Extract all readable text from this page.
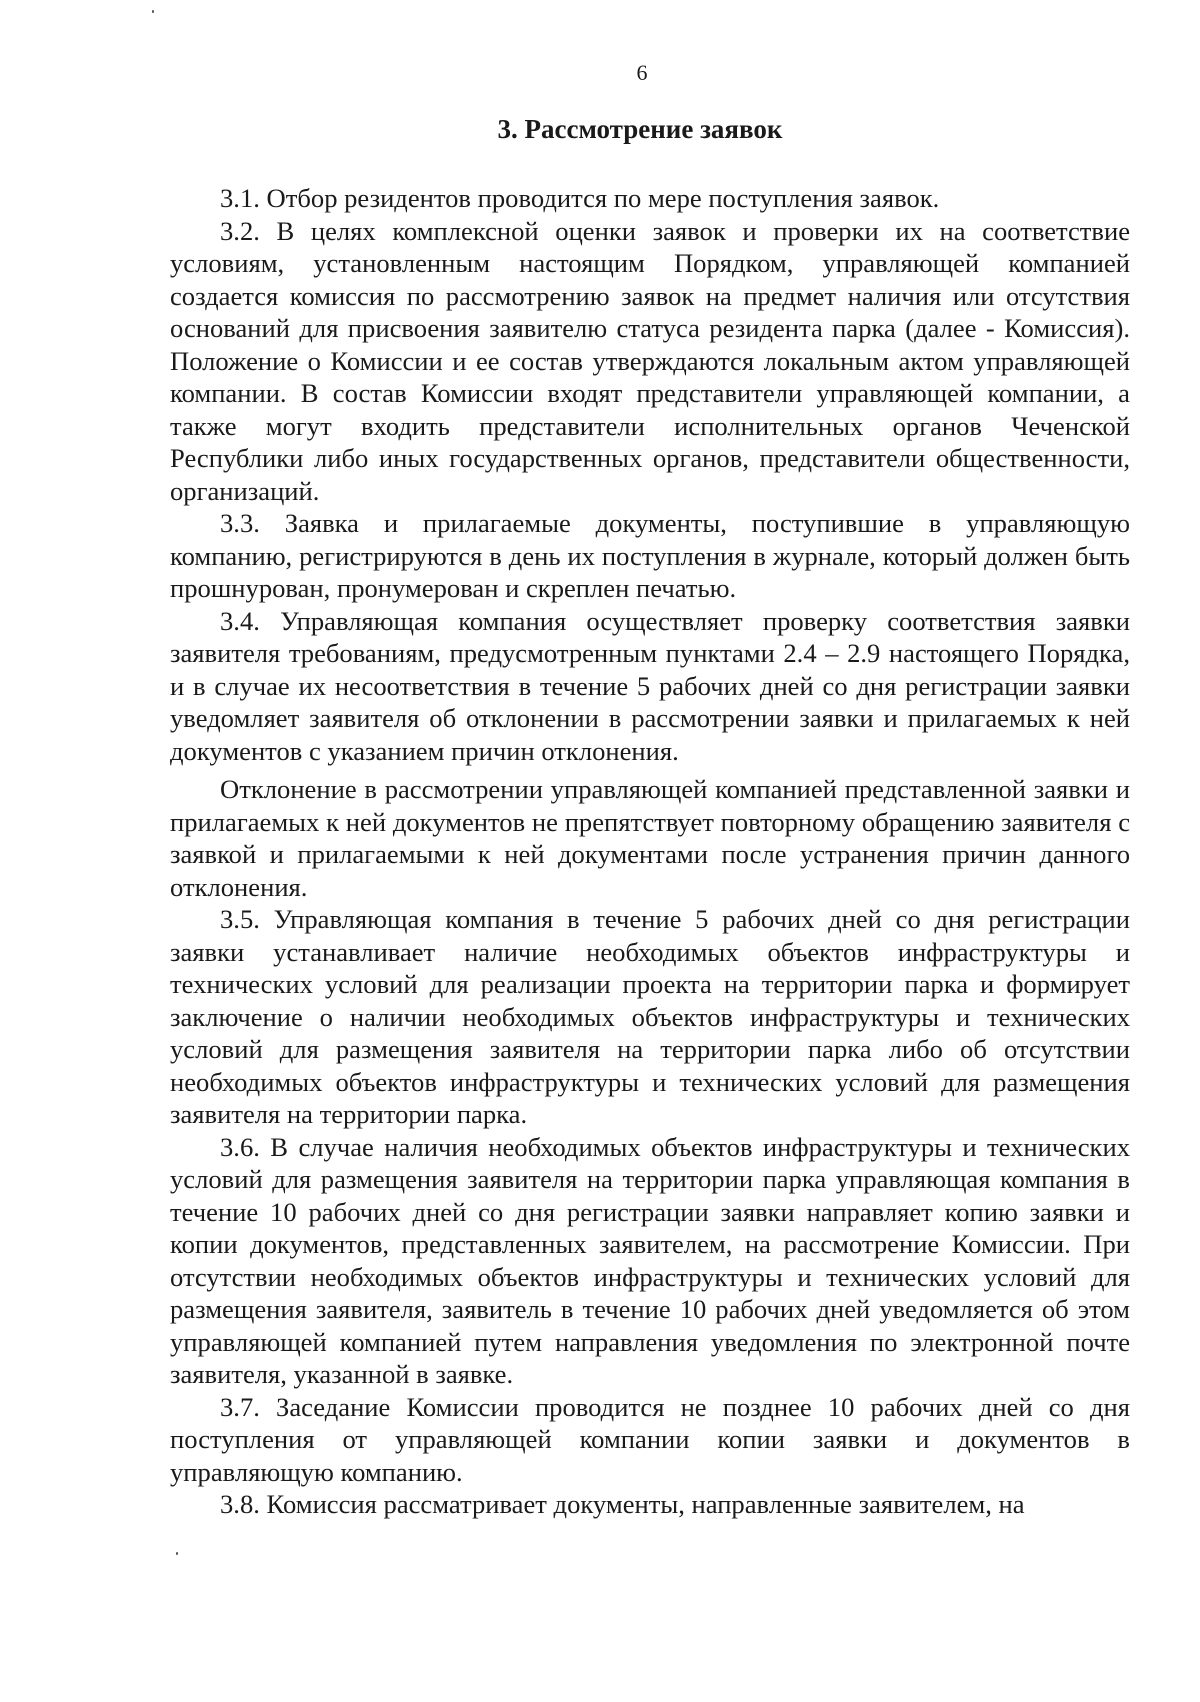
6
3. Рассмотрение заявок

3.1. Отбор резидентов проводится по мере поступления заявок.

3.2. В целях комплексной оценки заявок и проверки их на соответствие условиям, установленным настоящим Порядком, управляющей компанией создается комиссия по рассмотрению заявок на предмет наличия или отсутствия оснований для присвоения заявителю статуса резидента парка (далее - Комиссия). Положение о Комиссии и ее состав утверждаются локальным актом управляющей компании. В состав Комиссии входят представители управляющей компании, а также могут входить представители исполнительных органов Чеченской Республики либо иных государственных органов, представители общественности, организаций.

3.3. Заявка и прилагаемые документы, поступившие в управляющую компанию, регистрируются в день их поступления в журнале, который должен быть прошнурован, пронумерован и скреплен печатью.

3.4. Управляющая компания осуществляет проверку соответствия заявки заявителя требованиям, предусмотренным пунктами 2.4 – 2.9 настоящего Порядка, и в случае их несоответствия в течение 5 рабочих дней со дня регистрации заявки уведомляет заявителя об отклонении в рассмотрении заявки и прилагаемых к ней документов с указанием причин отклонения.

Отклонение в рассмотрении управляющей компанией представленной заявки и прилагаемых к ней документов не препятствует повторному обращению заявителя с заявкой и прилагаемыми к ней документами после устранения причин данного отклонения.

3.5. Управляющая компания в течение 5 рабочих дней со дня регистрации заявки устанавливает наличие необходимых объектов инфраструктуры и технических условий для реализации проекта на территории парка и формирует заключение о наличии необходимых объектов инфраструктуры и технических условий для размещения заявителя на территории парка либо об отсутствии необходимых объектов инфраструктуры и технических условий для размещения заявителя на территории парка.

3.6. В случае наличия необходимых объектов инфраструктуры и технических условий для размещения заявителя на территории парка управляющая компания в течение 10 рабочих дней со дня регистрации заявки направляет копию заявки и копии документов, представленных заявителем, на рассмотрение Комиссии. При отсутствии необходимых объектов инфраструктуры и технических условий для размещения заявителя, заявитель в течение 10 рабочих дней уведомляется об этом управляющей компанией путем направления уведомления по электронной почте заявителя, указанной в заявке.

3.7. Заседание Комиссии проводится не позднее 10 рабочих дней со дня поступления от управляющей компании копии заявки и документов в управляющую компанию.

3.8. Комиссия рассматривает документы, направленные заявителем, на
